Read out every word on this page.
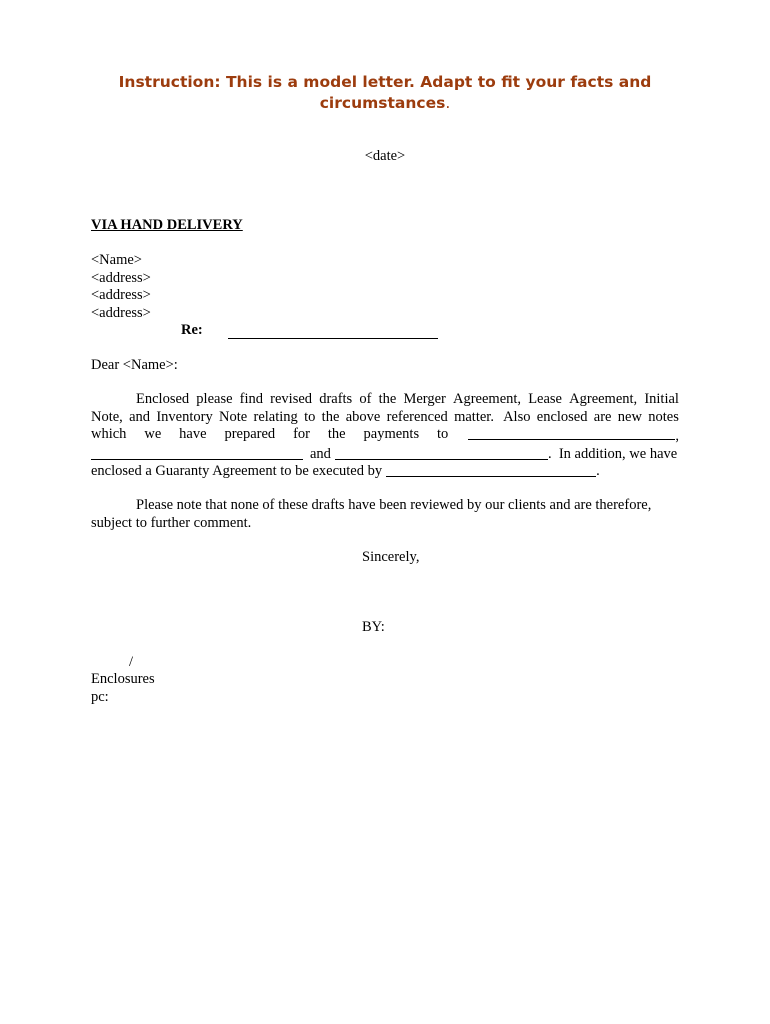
Instruction: This is a model letter. Adapt to fit your facts and
circumstances.
<date>
VIA HAND DELIVERY
<Name>
<address>
<address>
<address>
Re:
Dear <Name>:
Enclosed please find revised drafts of the Merger Agreement, Lease Agreement, Initial
Note, and Inventory Note relating to the above referenced matter. Also enclosed are new notes
which we have prepared for the payments to	,
and	.  In addition, we have
enclosed a Guaranty Agreement to be executed by	.
Please note that none of these drafts have been reviewed by our clients and are therefore,
subject to further comment.
Sincerely,
BY:
/
Enclosures
pc:
